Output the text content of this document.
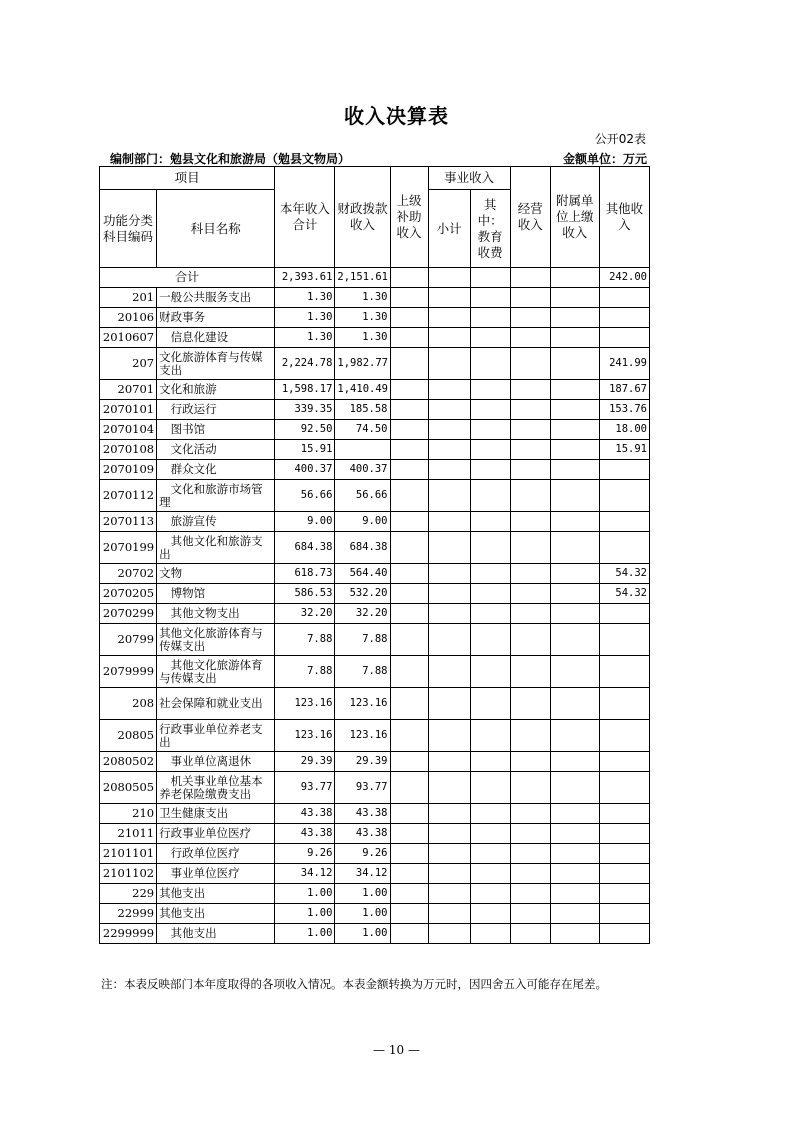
收入决算表
公开02表
编制部门：勉县文化和旅游局（勉县文物局）	金额单位：万元
项目		本年收入合计	财政拨款收入	上级补助收入	事业收入		经营收入	附属单位上缴收入	其他收入
功能分类科目编码	科目名称				小计	其中：教育收费			

合计		2,393.61	2,151.61						242.00
201	一般公共服务支出	1.30	1.30						
20106	财政事务	1.30	1.30						
2010607	　信息化建设	1.30	1.30						
207	文化旅游体育与传媒支出	2,224.78	1,982.77						241.99
20701	文化和旅游	1,598.17	1,410.49						187.67
2070101	　行政运行	339.35	185.58						153.76
2070104	　图书馆	92.50	74.50						18.00
2070108	　文化活动	15.91							15.91
2070109	　群众文化	400.37	400.37						
2070112	　文化和旅游市场管理	56.66	56.66						
2070113	　旅游宣传	9.00	9.00						
2070199	　其他文化和旅游支出	684.38	684.38						
20702	文物	618.73	564.40						54.32
2070205	　博物馆	586.53	532.20						54.32
2070299	　其他文物支出	32.20	32.20						
20799	其他文化旅游体育与传媒支出	7.88	7.88						
2079999	　其他文化旅游体育与传媒支出	7.88	7.88						
208	社会保障和就业支出	123.16	123.16						
20805	行政事业单位养老支出	123.16	123.16						
2080502	　事业单位离退休	29.39	29.39						
2080505	　机关事业单位基本养老保险缴费支出	93.77	93.77						
210	卫生健康支出	43.38	43.38						
21011	行政事业单位医疗	43.38	43.38						
2101101	　行政单位医疗	9.26	9.26						
2101102	　事业单位医疗	34.12	34.12						
229	其他支出	1.00	1.00						
22999	其他支出	1.00	1.00						
2299999	　其他支出	1.00	1.00						
注：本表反映部门本年度取得的各项收入情况。本表金额转换为万元时，因四舍五入可能存在尾差。
— 10 —
